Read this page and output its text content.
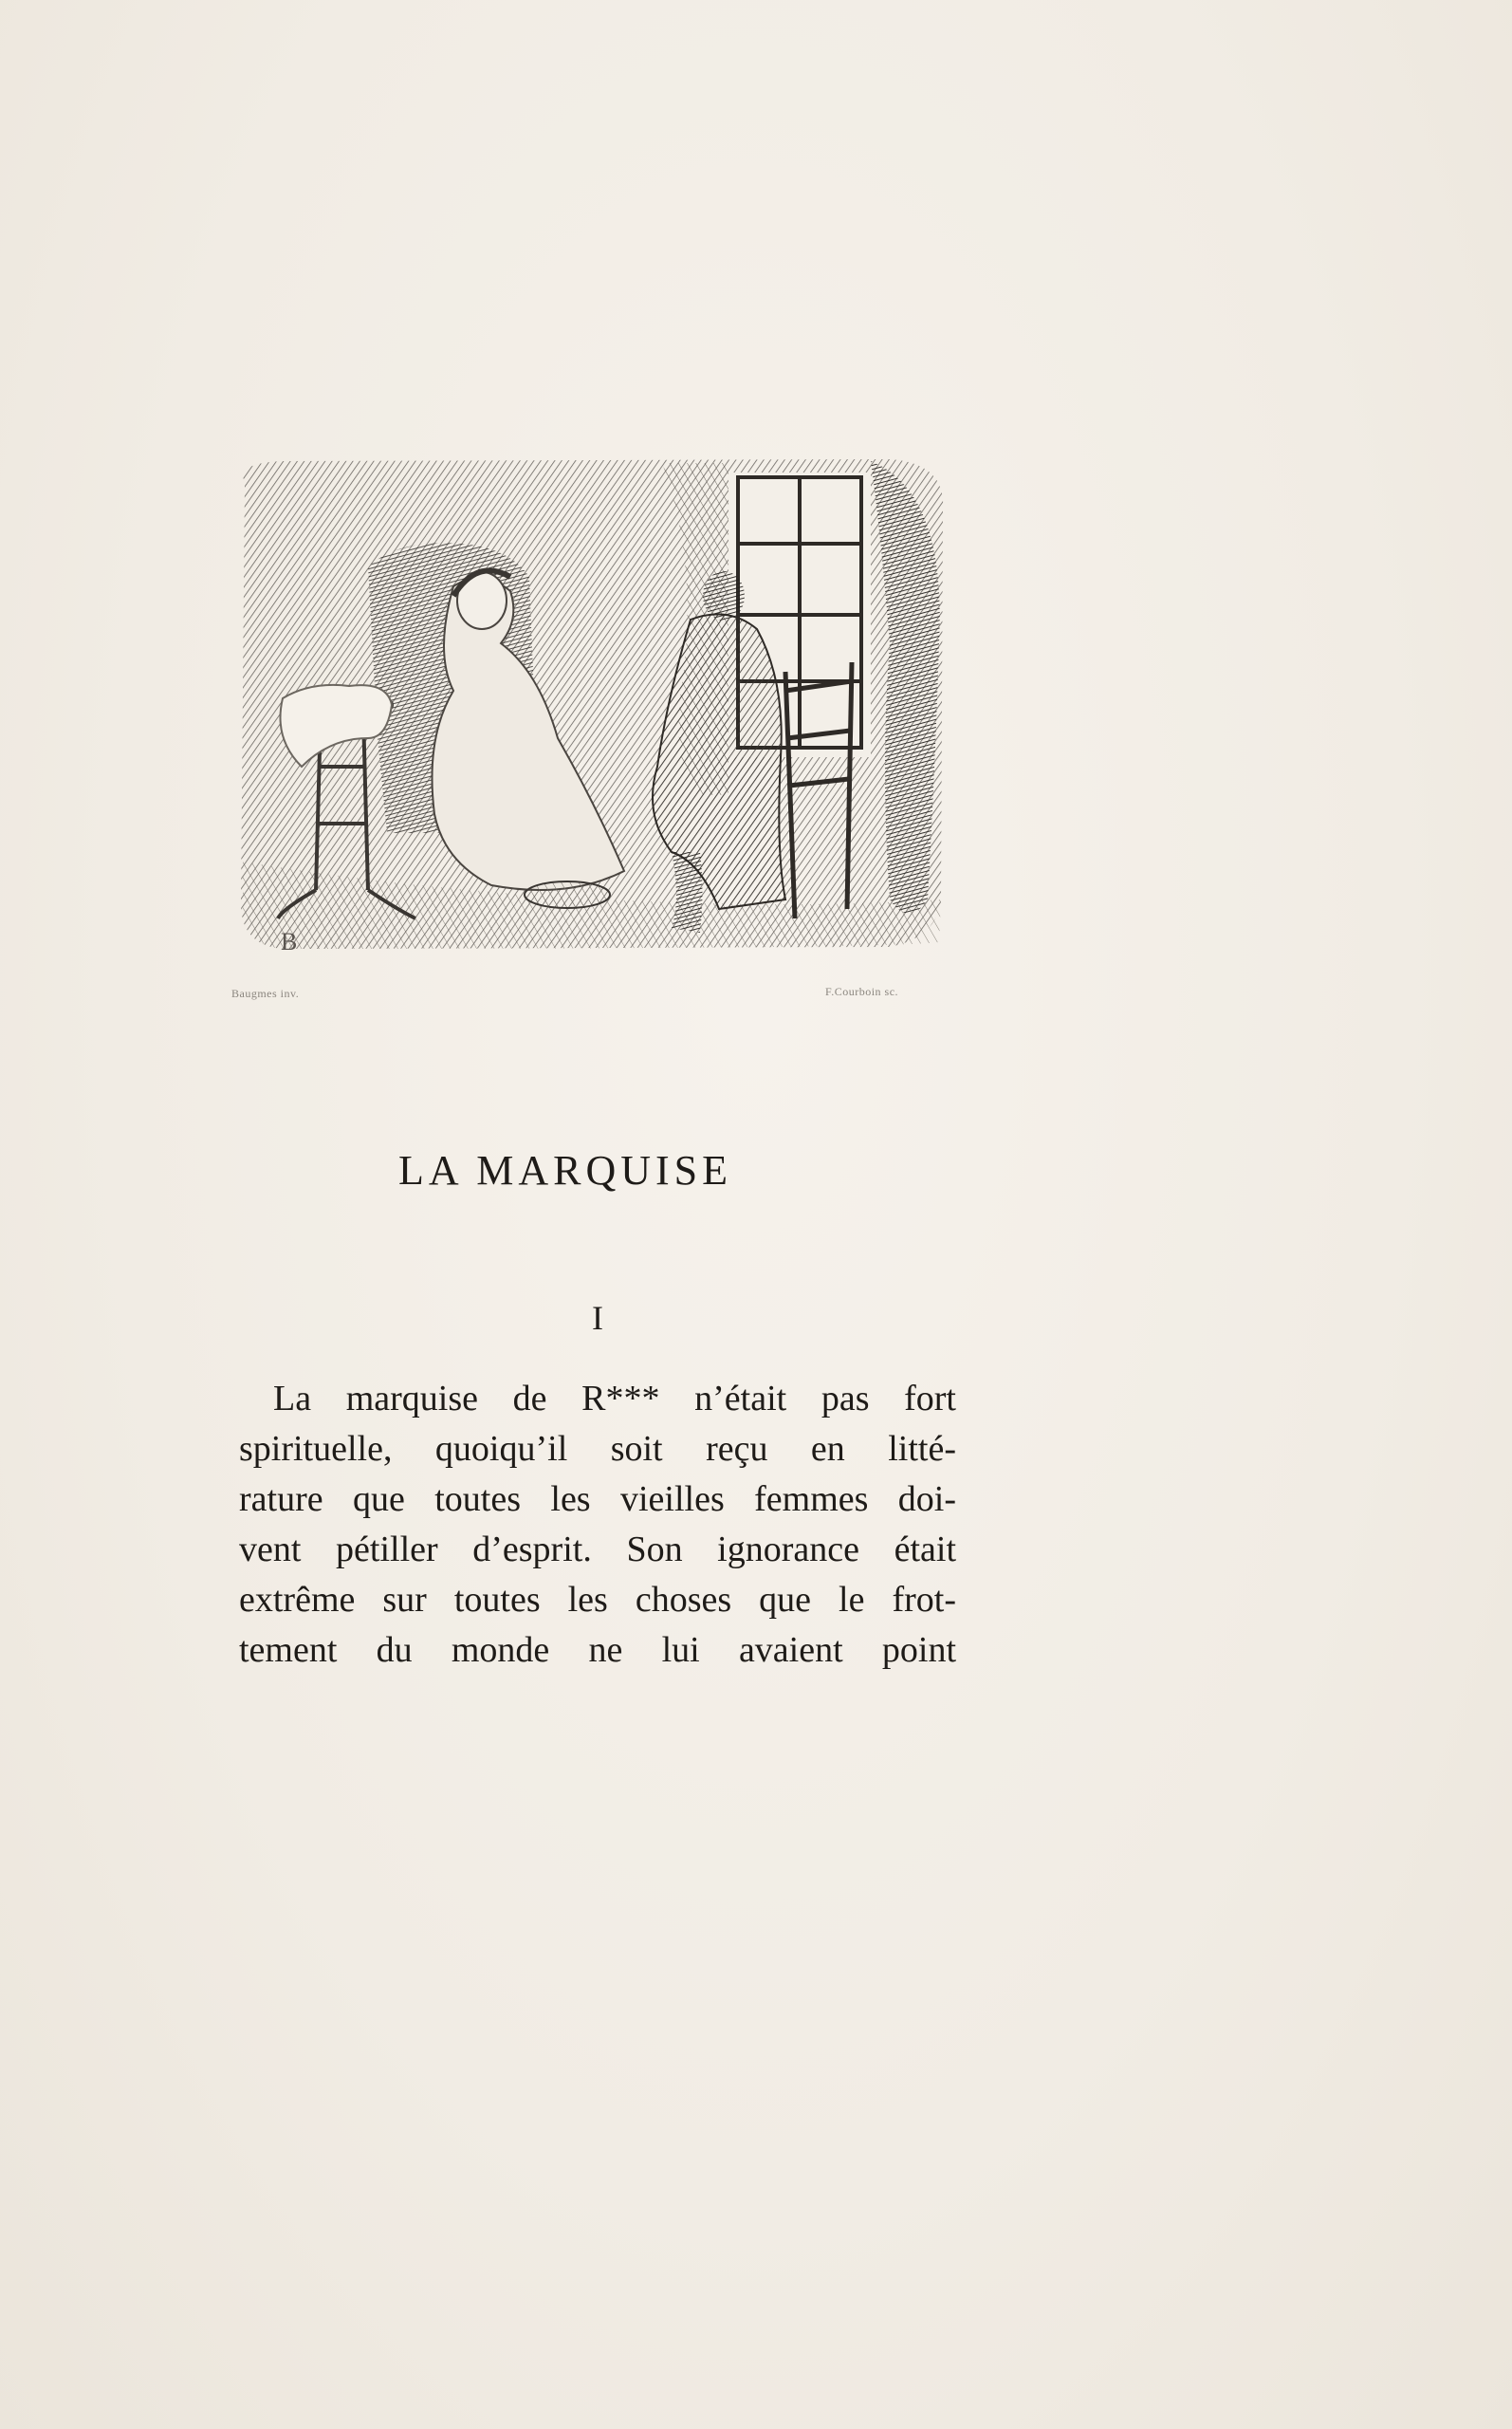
B
Baugmes inv.	F.Courboin sc.
LA MARQUISE
I
La marquise de R*** n’était pas fort
spirituelle, quoiqu’il soit reçu en litté-
rature que toutes les vieilles femmes doi-
vent pétiller d’esprit. Son ignorance était
extrême sur toutes les choses que le frot-
tement du monde ne lui avaient point
